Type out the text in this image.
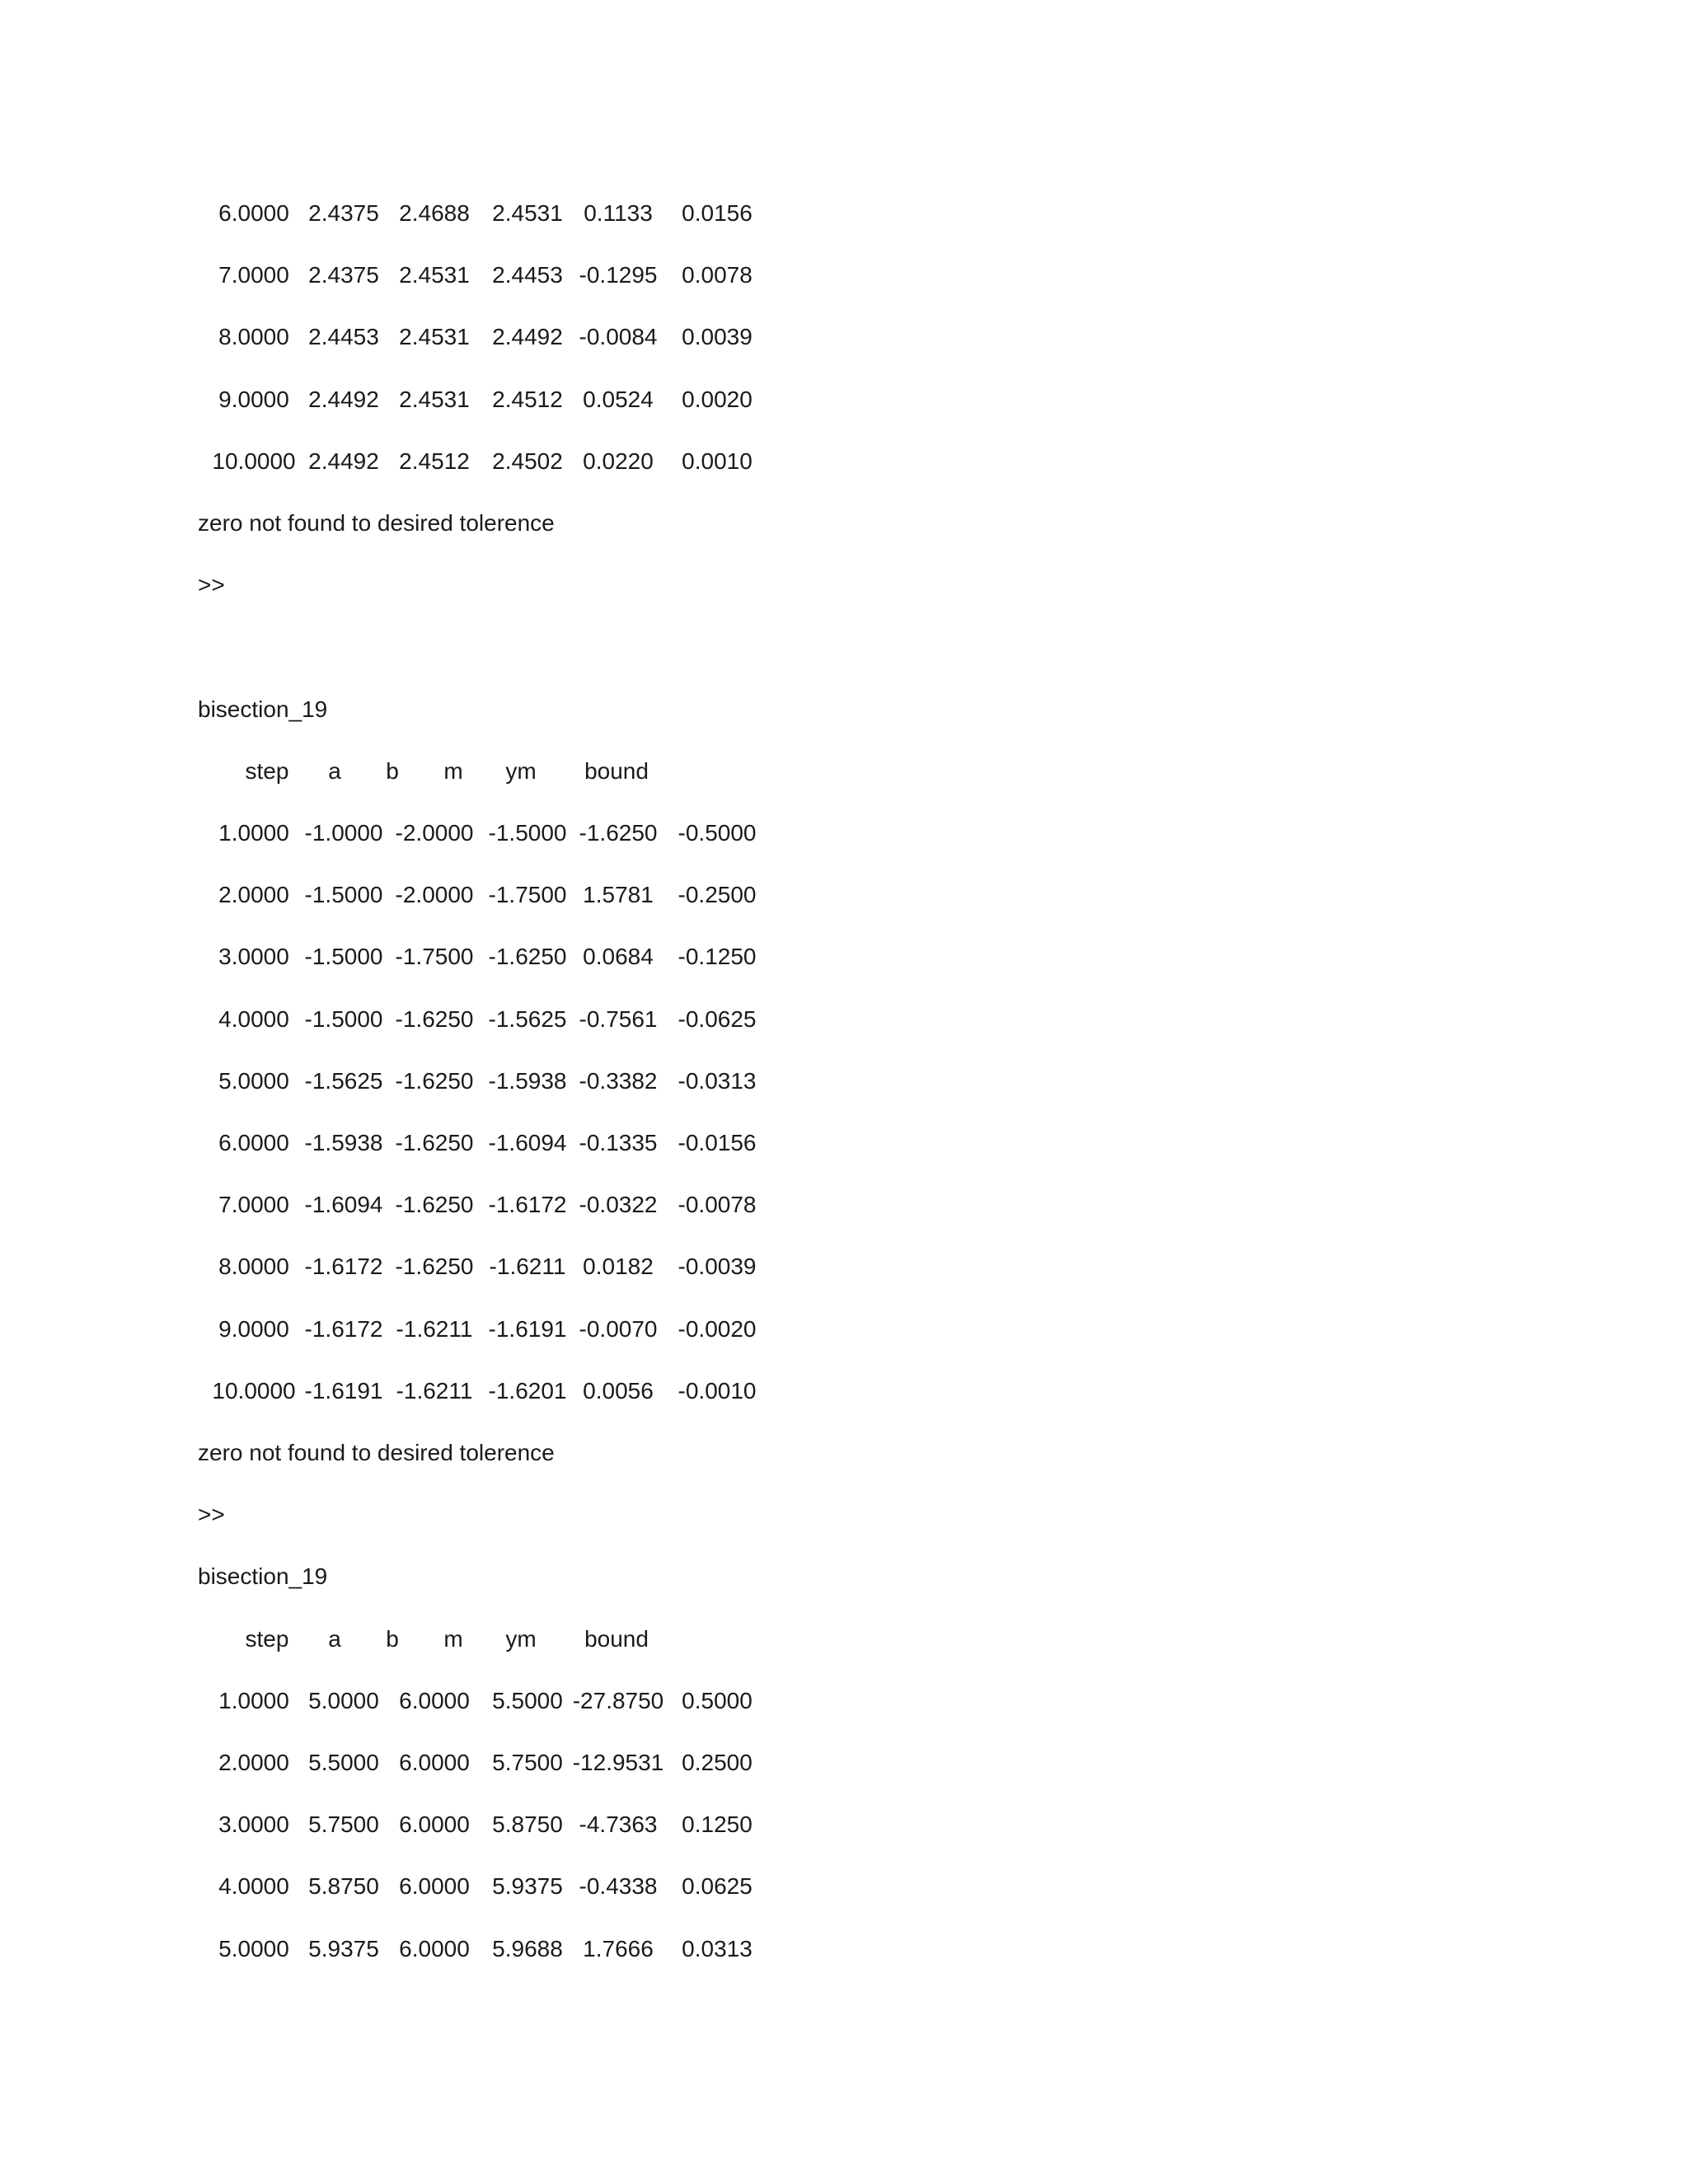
6.0000 2.4375 2.4688 2.4531 0.1133	0.0156
7.0000 2.4375 2.4531 2.4453 -0.1295	0.0078
8.0000 2.4453 2.4531 2.4492 -0.0084	0.0039
9.0000 2.4492 2.4531 2.4512 0.0524	0.0020
10.0000 2.4492 2.4512 2.4502 0.0220	0.0010
zero not found to desired tolerence
>>
bisection_19
step	a	b	m	ym	bound
1.0000 -1.0000 -2.0000 -1.5000 -1.6250 -0.5000
2.0000 -1.5000 -2.0000 -1.7500 1.5781	-0.2500
3.0000 -1.5000 -1.7500 -1.6250 0.0684	-0.1250
4.0000 -1.5000 -1.6250 -1.5625 -0.7561 -0.0625
5.0000 -1.5625 -1.6250 -1.5938 -0.3382 -0.0313
6.0000 -1.5938 -1.6250 -1.6094 -0.1335 -0.0156
7.0000 -1.6094 -1.6250 -1.6172 -0.0322 -0.0078
8.0000 -1.6172 -1.6250 -1.6211 0.0182	-0.0039
9.0000 -1.6172 -1.6211 -1.6191 -0.0070 -0.0020
10.0000 -1.6191 -1.6211 -1.6201 0.0056	-0.0010
zero not found to desired tolerence
>>
bisection_19
step	a	b	m	ym	bound
1.0000 5.0000 6.0000 5.5000 -27.8750 0.5000
2.0000 5.5000 6.0000 5.7500 -12.9531 0.2500
3.0000 5.7500 6.0000 5.8750 -4.7363	0.1250
4.0000 5.8750 6.0000 5.9375 -0.4338	0.0625
5.0000 5.9375 6.0000 5.9688 1.7666	0.0313
